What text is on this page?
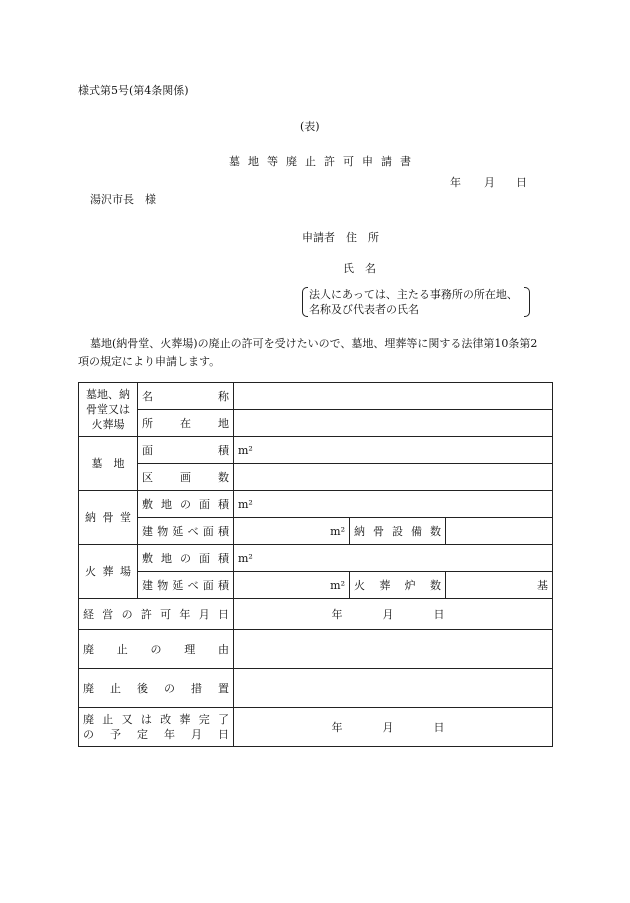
様式第5号(第4条関係)
(表)
墓地等廃止許可申請書
年 月 日
湯沢市長　様
申請者 住　所
氏　名
法人にあっては、主たる事務所の所在地、
名称及び代表者の氏名
墓地(納骨堂、火葬場)の廃止の許可を受けたいので、墓地、埋葬等に関する法律第10条第2
項の規定により申請します。
墓地、納
骨堂又は
火葬場	名称			
	所在地			
墓　地	面積	m²		
	区画数			
納骨堂	敷地の面積	m²		
	建物延べ面積	m²	納骨設備数	
火葬場	敷地の面積	m²		
	建物延べ面積	m²	火葬炉数	基
経営の許可年月日		年 月 日		
廃止の理由				
廃止後の措置				

廃止又は改葬完了
の予定年月日		年 月 日		
